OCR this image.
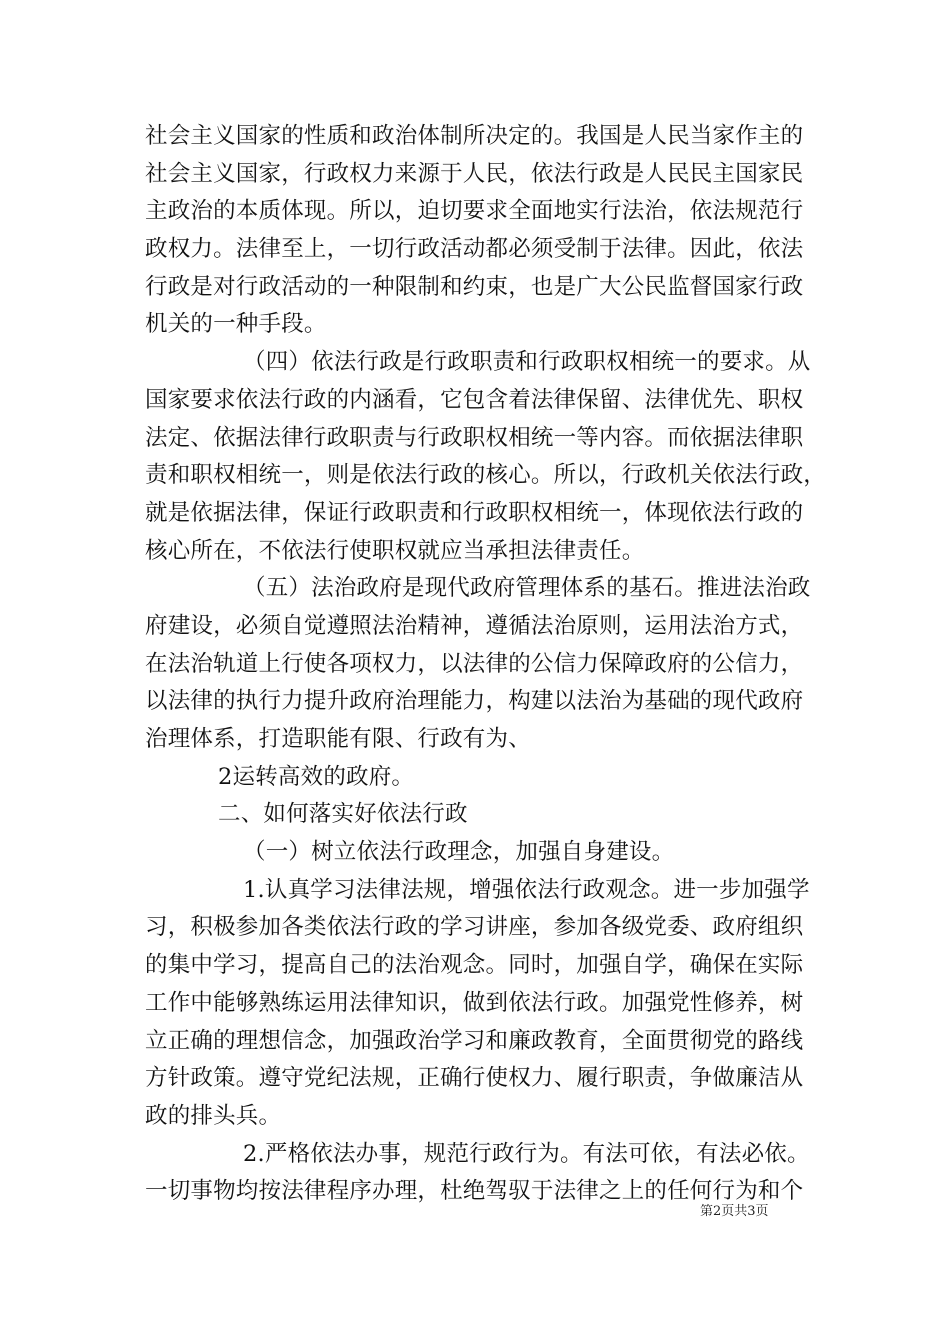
社会主义国家的性质和政治体制所决定的。我国是人民当家作主的
社会主义国家，行政权力来源于人民，依法行政是人民民主国家民
主政治的本质体现。所以，迫切要求全面地实行法治，依法规范行
政权力。法律至上，一切行政活动都必须受制于法律。因此，依法
行政是对行政活动的一种限制和约束，也是广大公民监督国家行政
机关的一种手段。
（四）依法行政是行政职责和行政职权相统一的要求。从
国家要求依法行政的内涵看，它包含着法律保留、法律优先、职权
法定、依据法律行政职责与行政职权相统一等内容。而依据法律职
责和职权相统一，则是依法行政的核心。所以，行政机关依法行政，
就是依据法律，保证行政职责和行政职权相统一，体现依法行政的
核心所在，不依法行使职权就应当承担法律责任。
（五）法治政府是现代政府管理体系的基石。推进法治政
府建设，必须自觉遵照法治精神，遵循法治原则，运用法治方式，
在法治轨道上行使各项权力，以法律的公信力保障政府的公信力，
以法律的执行力提升政府治理能力，构建以法治为基础的现代政府
治理体系，打造职能有限、行政有为、
2运转高效的政府。
二、如何落实好依法行政
（一）树立依法行政理念，加强自身建设。
1.认真学习法律法规，增强依法行政观念。进一步加强学
习，积极参加各类依法行政的学习讲座，参加各级党委、政府组织
的集中学习，提高自己的法治观念。同时，加强自学，确保在实际
工作中能够熟练运用法律知识，做到依法行政。加强党性修养，树
立正确的理想信念，加强政治学习和廉政教育，全面贯彻党的路线
方针政策。遵守党纪法规，正确行使权力、履行职责，争做廉洁从
政的排头兵。
2.严格依法办事，规范行政行为。有法可依，有法必依。
一切事物均按法律程序办理，杜绝驾驭于法律之上的任何行为和个
第2页共3页
